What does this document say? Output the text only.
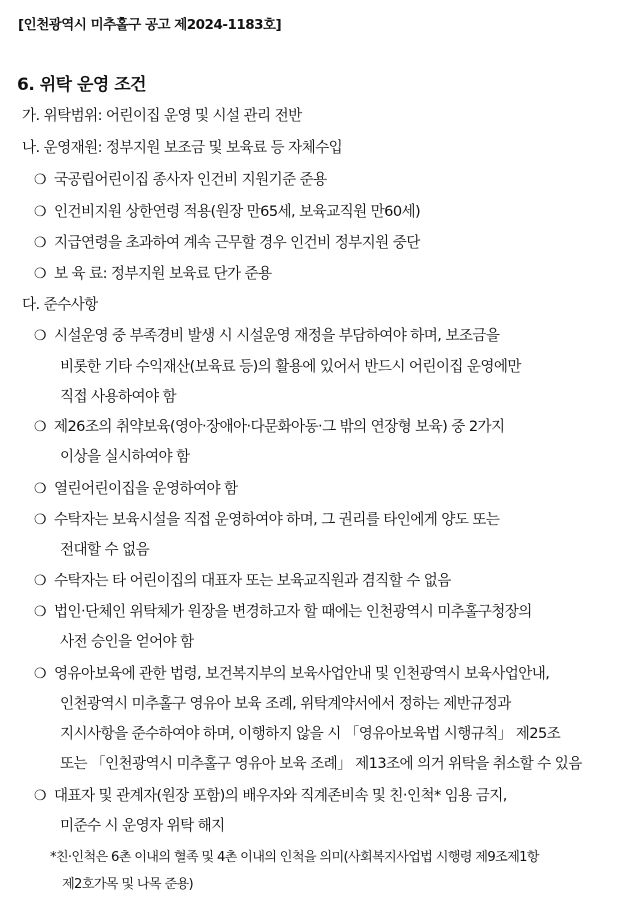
[인천광역시 미추홀구 공고 제2024-1183호]
6. 위탁 운영 조건
가. 위탁범위: 어린이집 운영 및 시설 관리 전반
나. 운영재원: 정부지원 보조금 및 보육료 등 자체수입
❍ 국공립어린이집 종사자 인건비 지원기준 준용
❍ 인건비지원 상한연령 적용(원장 만65세, 보육교직원 만60세)
❍ 지급연령을 초과하여 계속 근무할 경우 인건비 정부지원 중단
❍ 보 육 료: 정부지원 보육료 단가 준용
다. 준수사항
❍ 시설운영 중 부족경비 발생 시 시설운영 재정을 부담하여야 하며, 보조금을
비롯한 기타 수익재산(보육료 등)의 활용에 있어서 반드시 어린이집 운영에만
직접 사용하여야 함
❍ 제26조의 취약보육(영아‧장애아‧다문화아동‧그 밖의 연장형 보육) 중 2가지
이상을 실시하여야 함
❍ 열린어린이집을 운영하여야 함
❍ 수탁자는 보육시설을 직접 운영하여야 하며, 그 권리를 타인에게 양도 또는
전대할 수 없음
❍ 수탁자는 타 어린이집의 대표자 또는 보육교직원과 겸직할 수 없음
❍ 법인‧단체인 위탁체가 원장을 변경하고자 할 때에는 인천광역시 미추홀구청장의
사전 승인을 얻어야 함
❍ 영유아보육에 관한 법령, 보건복지부의 보육사업안내 및 인천광역시 보육사업안내,
인천광역시 미추홀구 영유아 보육 조례, 위탁계약서에서 정하는 제반규정과
지시사항을 준수하여야 하며, 이행하지 않을 시 「영유아보육법 시행규칙」 제25조
또는 「인천광역시 미추홀구 영유아 보육 조례」 제13조에 의거 위탁을 취소할 수 있음
❍ 대표자 및 관계자(원장 포함)의 배우자와 직계존비속 및 친‧인척* 임용 금지,
미준수 시 운영자 위탁 해지
*친‧인척은 6촌 이내의 혈족 및 4촌 이내의 인척을 의미(사회복지사업법 시행령 제9조제1항
제2호가목 및 나목 준용)
